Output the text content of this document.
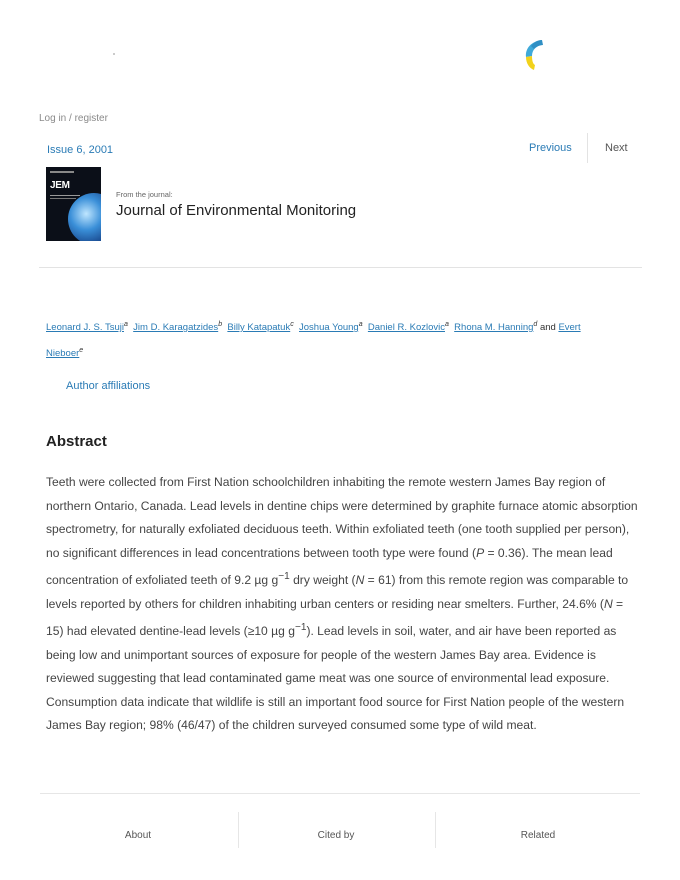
Log in / register
Issue 6, 2001	Previous	Next
JEM
From the journal:
Journal of Environmental Monitoring
Leonard J. S. Tsuji$^a$ Jim D. Karagatzides$^b$ Billy Katapatuk$^c$ Joshua Young$^a$ Daniel R. Kozlovic$^a$ Rhona M. Hanning$^d$ and Evert
Nieboer$^e$
Author affiliations
Abstract

Teeth were collected from First Nation schoolchildren inhabiting the remote western James Bay region of northern Ontario, Canada. Lead levels in dentine chips were determined by graphite furnace atomic absorption spectrometry, for naturally exfoliated deciduous teeth. Within exfoliated teeth (one tooth supplied per person), no significant differences in lead concentrations between tooth type were found (P = 0.36). The mean lead concentration of exfoliated teeth of 9.2 µg $g^{-1}$ dry weight (N = 61) from this remote region was comparable to levels reported by others for children inhabiting urban centers or residing near smelters. Further, 24.6% (N = 15) had elevated dentine-lead levels (≥10 µg $g^{-1}$). Lead levels in soil, water, and air have been reported as being low and unimportant sources of exposure for people of the western James Bay area. Evidence is reviewed suggesting that lead contaminated game meat was one source of environmental lead exposure. Consumption data indicate that wildlife is still an important food source for First Nation people of the western James Bay region; 98% (46/47) of the children surveyed consumed some type of wild meat.

About	Cited by	Related
